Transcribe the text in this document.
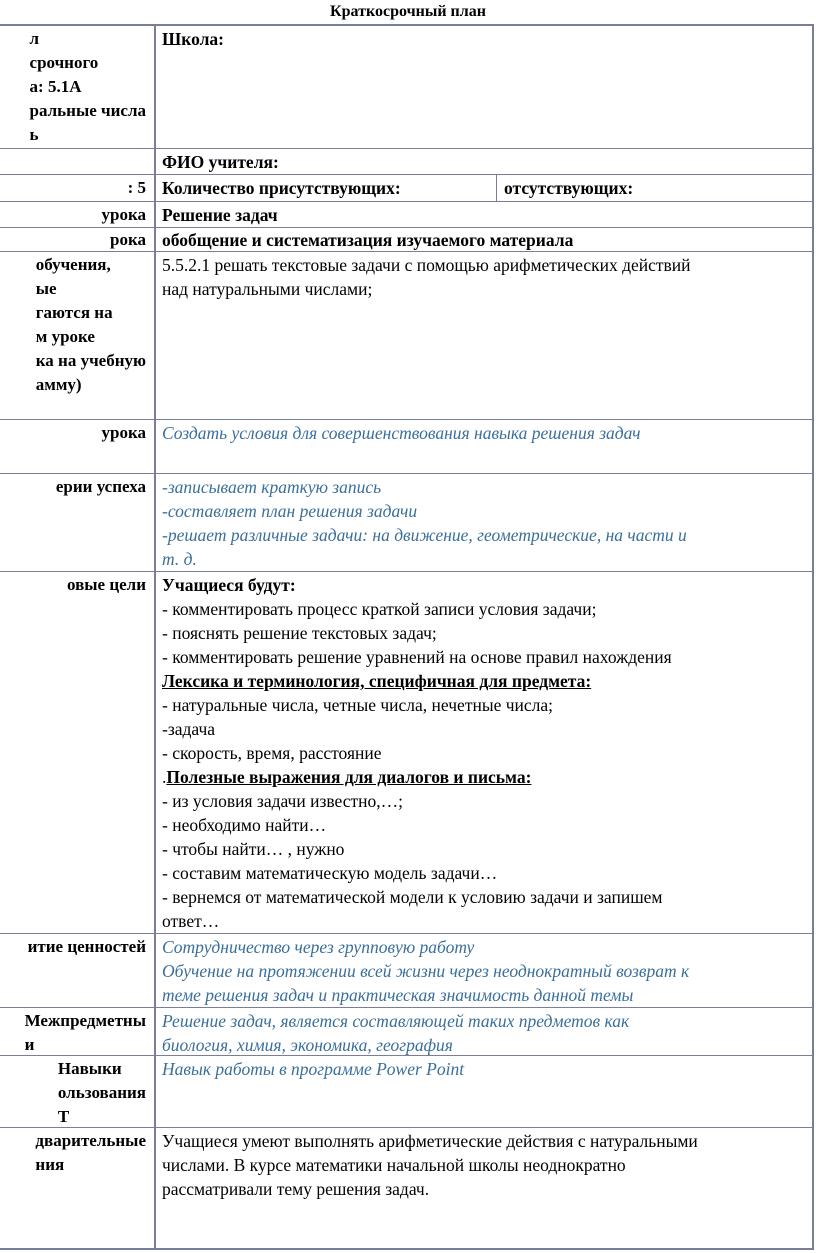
Краткосрочный план
л
срочного
а: 5.1А
ральные числа
ь
Школа:
ФИО учителя:
: 5 Количество присутствующих:	отсутствующих:
урока Решение задач
рока обобщение и систематизация изучаемого материала
обучения,
ые
гаются на
м уроке
ка на учебную
амму)
5.5.2.1 решать текстовые задачи с помощью арифметических действий
над натуральными числами;
урока Создать условия для совершенствования навыка решения задач
ерии успеха -записывает краткую запись
-составляет план решения задачи
-решает различные задачи: на движение, геометрические, на части и
т. д.
овые цели Учащиеся будут:
- комментировать процесс краткой записи условия задачи;
- пояснять решение текстовых задач;
- комментировать решение уравнений на основе правил нахождения
Лексика и терминология, специфичная для предмета:
- натуральные числа, четные числа, нечетные числа;
-задача
- скорость, время, расстояние
.Полезные выражения для диалогов и письма:
- из условия задачи известно,…;
- необходимо найти…
- чтобы найти… , нужно
- составим математическую модель задачи…
- вернемся от математической модели к условию задачи и запишем
ответ…
итие ценностей Сотрудничество через групповую работу
Обучение на протяжении всей жизни через неоднократный возврат к
теме решения задач и практическая значимость данной темы
Межпредметны
и
Решение задач, является составляющей таких предметов как
биология, химия, экономика, география
Навыки
ользования
Т
Навык работы в программе Power Point
дварительные
ния
Учащиеся умеют выполнять арифметические действия с натуральными
числами. В курсе математики начальной школы неоднократно
рассматривали тему решения задач.
